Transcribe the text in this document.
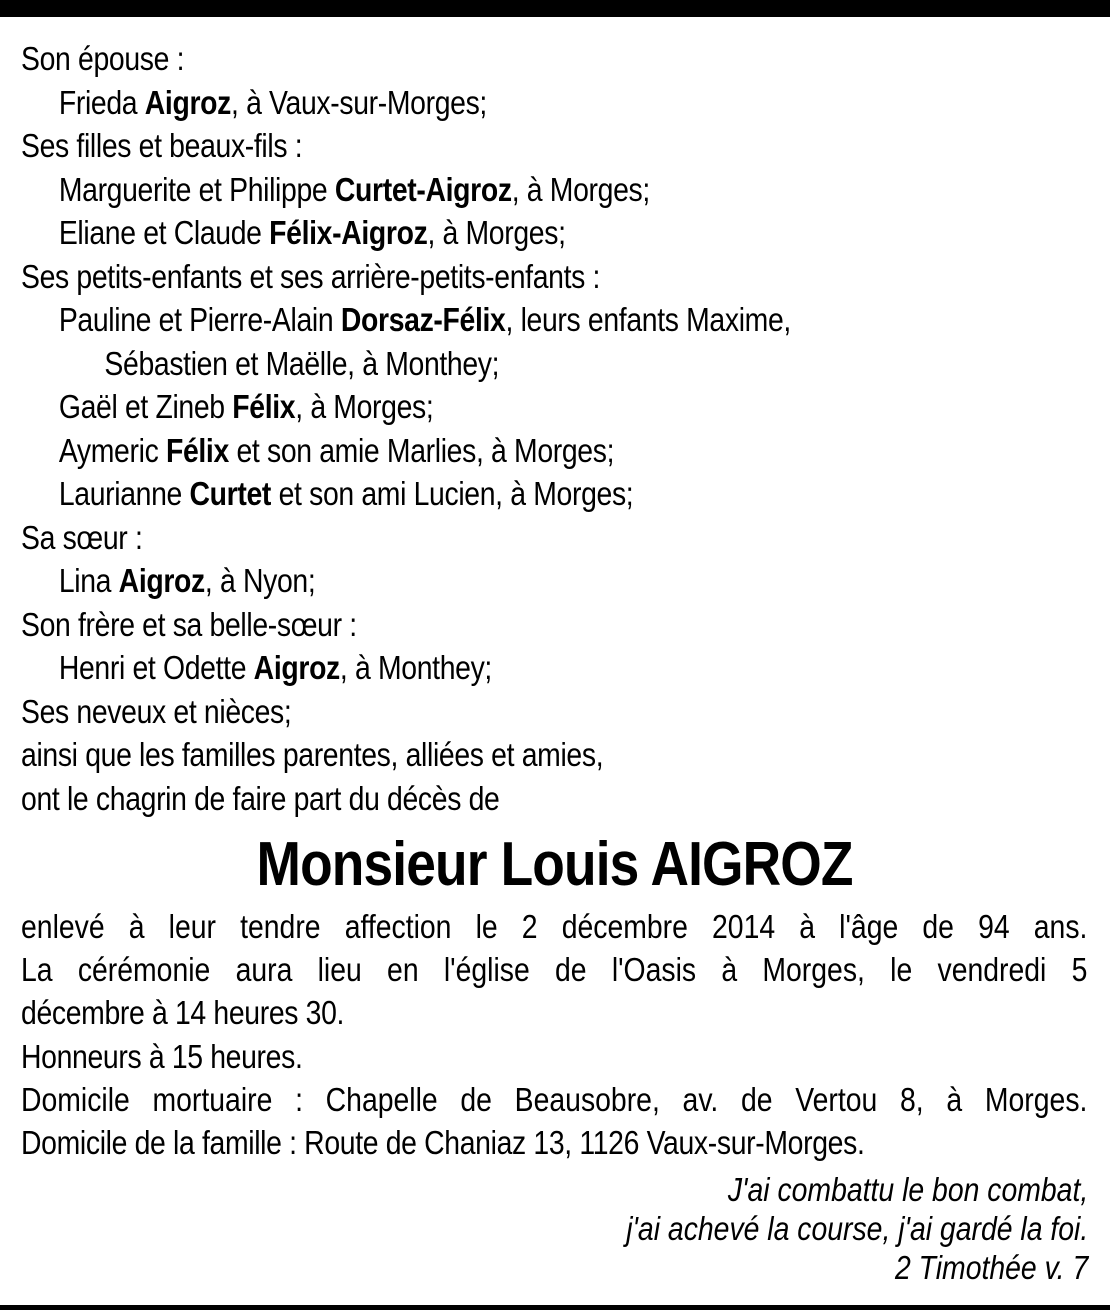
Son épouse :
Frieda Aigroz, à Vaux-sur-Morges;
Ses filles et beaux-fils :
Marguerite et Philippe Curtet-Aigroz, à Morges;
Eliane et Claude Félix-Aigroz, à Morges;
Ses petits-enfants et ses arrière-petits-enfants :
Pauline et Pierre-Alain Dorsaz-Félix, leurs enfants Maxime,
Sébastien et Maëlle, à Monthey;
Gaël et Zineb Félix, à Morges;
Aymeric Félix et son amie Marlies, à Morges;
Laurianne Curtet et son ami Lucien, à Morges;
Sa sœur :
Lina Aigroz, à Nyon;
Son frère et sa belle-sœur :
Henri et Odette Aigroz, à Monthey;
Ses neveux et nièces;
ainsi que les familles parentes, alliées et amies,
ont le chagrin de faire part du décès de
Monsieur Louis AIGROZ
enlevé à leur tendre affection le 2 décembre 2014 à l'âge de 94 ans.
La cérémonie aura lieu en l'église de l'Oasis à Morges, le vendredi 5
décembre à 14 heures 30.
Honneurs à 15 heures.
Domicile mortuaire : Chapelle de Beausobre, av. de Vertou 8, à Morges.
Domicile de la famille : Route de Chaniaz 13, 1126 Vaux-sur-Morges.
J'ai combattu le bon combat,
j'ai achevé la course, j'ai gardé la foi.
2 Timothée v. 7
